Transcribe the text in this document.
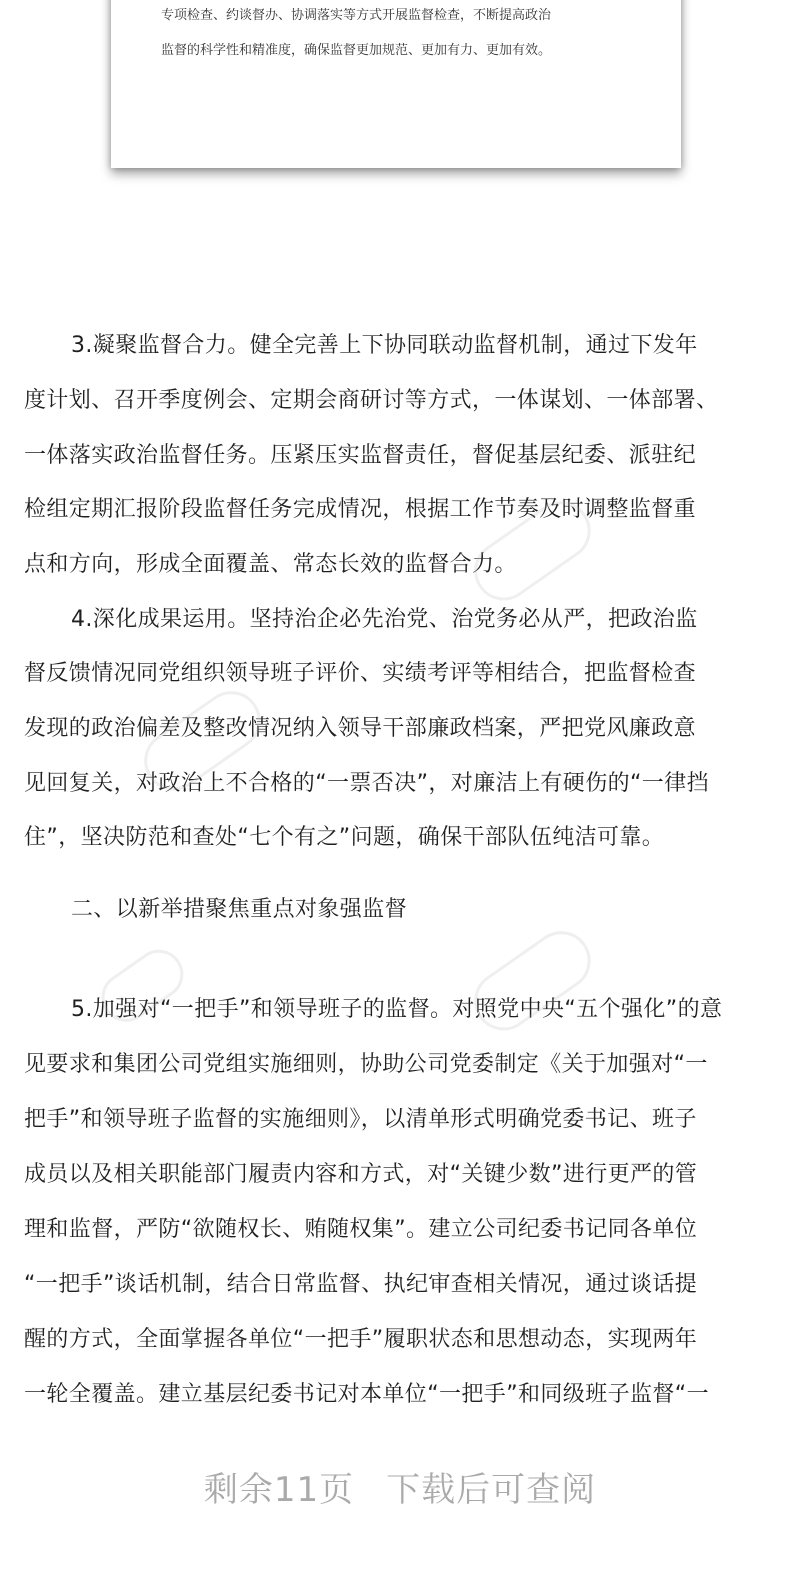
专项检查、约谈督办、协调落实等方式开展监督检查，不断提高政治
监督的科学性和精准度，确保监督更加规范、更加有力、更加有效。
3.凝聚监督合力。健全完善上下协同联动监督机制，通过下发年
度计划、召开季度例会、定期会商研讨等方式，一体谋划、一体部署、
一体落实政治监督任务。压紧压实监督责任，督促基层纪委、派驻纪
检组定期汇报阶段监督任务完成情况，根据工作节奏及时调整监督重
点和方向，形成全面覆盖、常态长效的监督合力。
4.深化成果运用。坚持治企必先治党、治党务必从严，把政治监
督反馈情况同党组织领导班子评价、实绩考评等相结合，把监督检查
发现的政治偏差及整改情况纳入领导干部廉政档案，严把党风廉政意
见回复关，对政治上不合格的“一票否决”，对廉洁上有硬伤的“一律挡
住”，坚决防范和查处“七个有之”问题，确保干部队伍纯洁可靠。
二、以新举措聚焦重点对象强监督
5.加强对“一把手”和领导班子的监督。对照党中央“五个强化”的意
见要求和集团公司党组实施细则，协助公司党委制定《关于加强对“一
把手”和领导班子监督的实施细则》，以清单形式明确党委书记、班子
成员以及相关职能部门履责内容和方式，对“关键少数”进行更严的管
理和监督，严防“欲随权长、贿随权集”。建立公司纪委书记同各单位
“一把手”谈话机制，结合日常监督、执纪审查相关情况，通过谈话提
醒的方式，全面掌握各单位“一把手”履职状态和思想动态，实现两年
一轮全覆盖。建立基层纪委书记对本单位“一把手”和同级班子监督“一
剩余11页 下载后可查阅
